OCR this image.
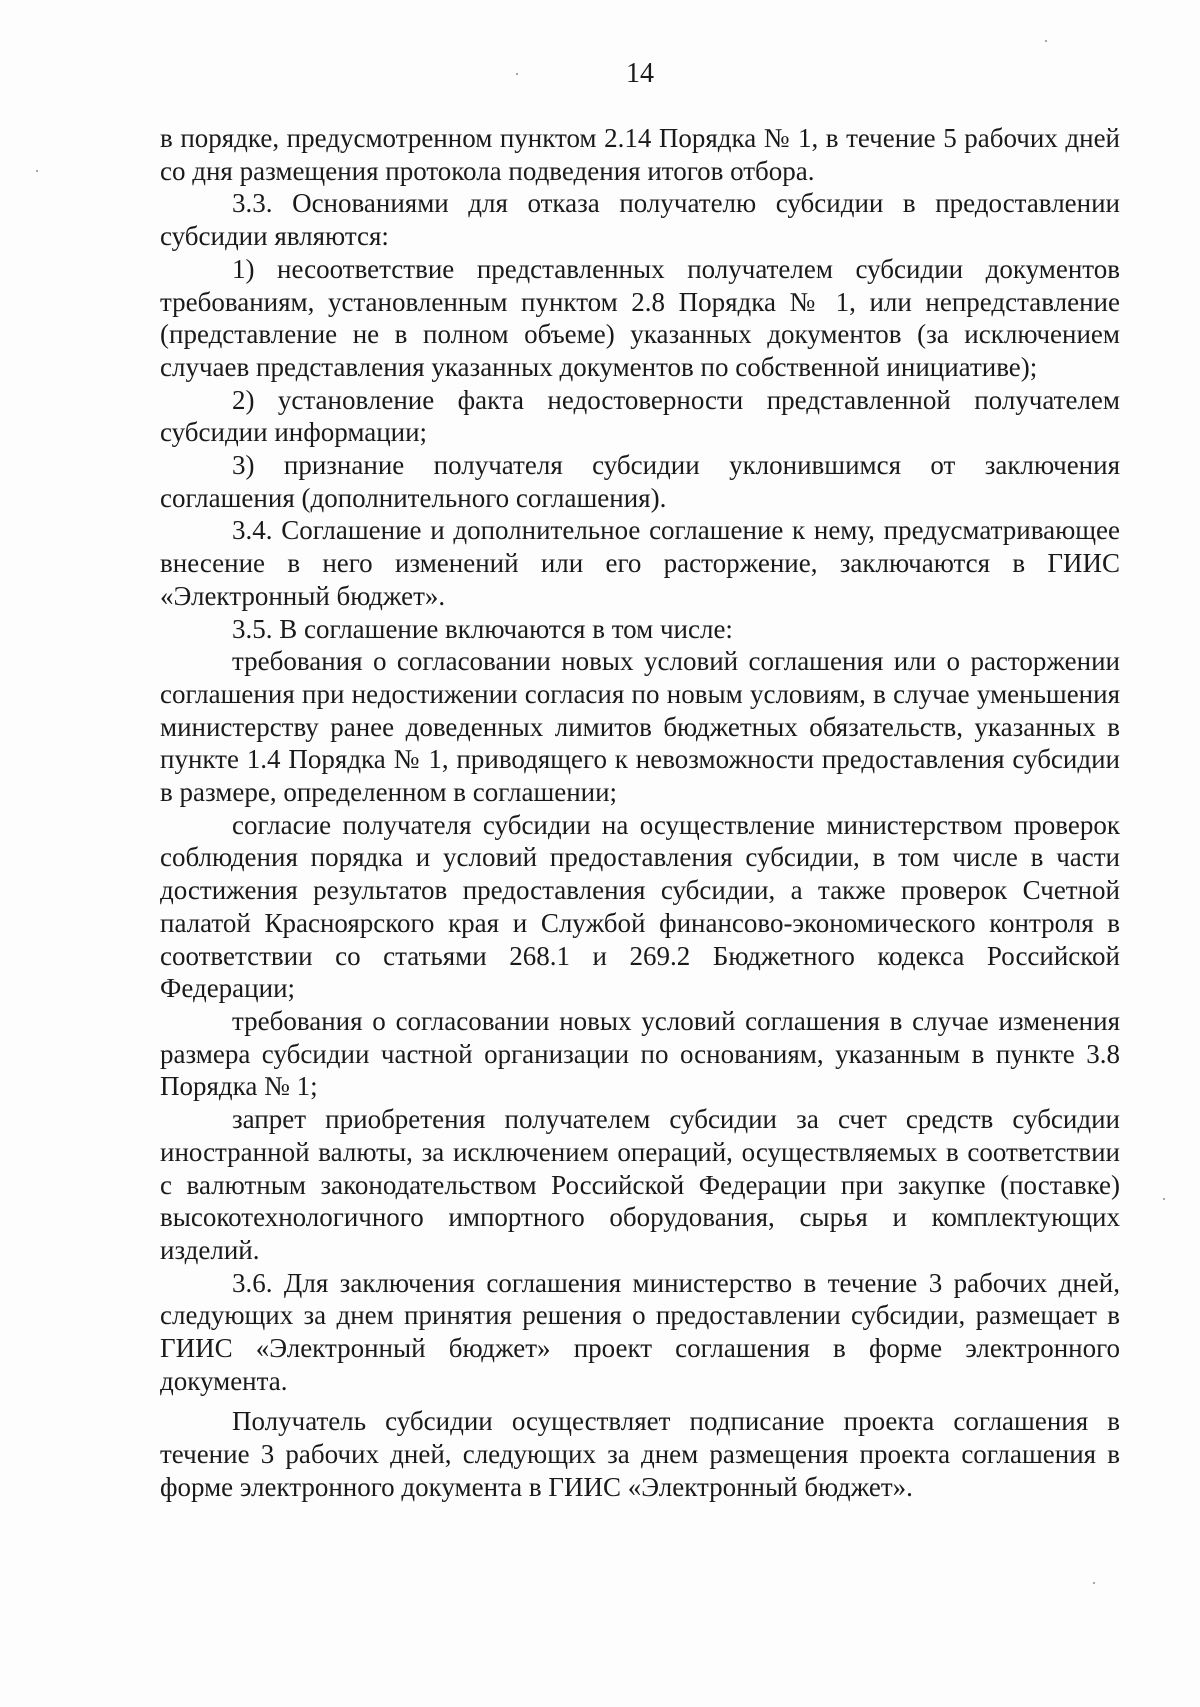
14

в порядке, предусмотренном пунктом 2.14 Порядка № 1, в течение 5 рабочих дней со дня размещения протокола подведения итогов отбора.

3.3. Основаниями для отказа получателю субсидии в предоставлении субсидии являются:

1) несоответствие представленных получателем субсидии документов требованиям, установленным пунктом 2.8 Порядка № 1, или непредставление (представление не в полном объеме) указанных документов (за исключением случаев представления указанных документов по собственной инициативе);

2) установление факта недостоверности представленной получателем субсидии информации;

3) признание получателя субсидии уклонившимся от заключения соглашения (дополнительного соглашения).

3.4. Соглашение и дополнительное соглашение к нему, предусматривающее внесение в него изменений или его расторжение, заключаются в ГИИС «Электронный бюджет».

3.5. В соглашение включаются в том числе:

требования о согласовании новых условий соглашения или о расторжении соглашения при недостижении согласия по новым условиям, в случае уменьшения министерству ранее доведенных лимитов бюджетных обязательств, указанных в пункте 1.4 Порядка № 1, приводящего к невозможности предоставления субсидии в размере, определенном в соглашении;

согласие получателя субсидии на осуществление министерством проверок соблюдения порядка и условий предоставления субсидии, в том числе в части достижения результатов предоставления субсидии, а также проверок Счетной палатой Красноярского края и Службой финансово-экономического контроля в соответствии со статьями 268.1 и 269.2 Бюджетного кодекса Российской Федерации;

требования о согласовании новых условий соглашения в случае изменения размера субсидии частной организации по основаниям, указанным в пункте 3.8 Порядка № 1;

запрет приобретения получателем субсидии за счет средств субсидии иностранной валюты, за исключением операций, осуществляемых в соответствии с валютным законодательством Российской Федерации при закупке (поставке) высокотехнологичного импортного оборудования, сырья и комплектующих изделий.

3.6. Для заключения соглашения министерство в течение 3 рабочих дней, следующих за днем принятия решения о предоставлении субсидии, размещает в ГИИС «Электронный бюджет» проект соглашения в форме электронного документа.

Получатель субсидии осуществляет подписание проекта соглашения в течение 3 рабочих дней, следующих за днем размещения проекта соглашения в форме электронного документа в ГИИС «Электронный бюджет».
